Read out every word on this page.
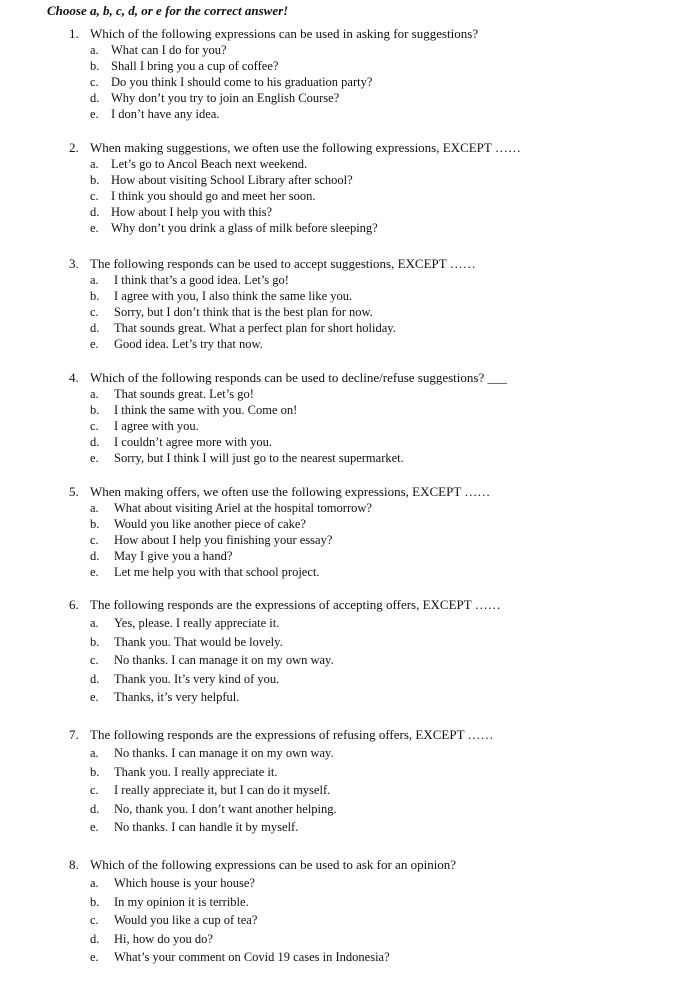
Choose a, b, c, d, or e for the correct answer!
1. Which of the following expressions can be used in asking for suggestions?
a. What can I do for you?
b. Shall I bring you a cup of coffee?
c. Do you think I should come to his graduation party?
d. Why don’t you try to join an English Course?
e. I don’t have any idea.
2. When making suggestions, we often use the following expressions, EXCEPT ……
a. Let’s go to Ancol Beach next weekend.
b. How about visiting School Library after school?
c. I think you should go and meet her soon.
d. How about I help you with this?
e. Why don’t you drink a glass of milk before sleeping?
3. The following responds can be used to accept suggestions, EXCEPT ……
a. I think that’s a good idea. Let’s go!
b. I agree with you, I also think the same like you.
c. Sorry, but I don’t think that is the best plan for now.
d. That sounds great. What a perfect plan for short holiday.
e. Good idea. Let’s try that now.
4. Which of the following responds can be used to decline/refuse suggestions? ___
a. That sounds great. Let’s go!
b. I think the same with you. Come on!
c. I agree with you.
d. I couldn’t agree more with you.
e. Sorry, but I think I will just go to the nearest supermarket.
5. When making offers, we often use the following expressions, EXCEPT ……
a. What about visiting Ariel at the hospital tomorrow?
b. Would you like another piece of cake?
c. How about I help you finishing your essay?
d. May I give you a hand?
e. Let me help you with that school project.
6. The following responds are the expressions of accepting offers, EXCEPT ……
a. Yes, please. I really appreciate it.
b. Thank you. That would be lovely.
c. No thanks. I can manage it on my own way.
d. Thank you. It’s very kind of you.
e. Thanks, it’s very helpful.
7. The following responds are the expressions of refusing offers, EXCEPT ……
a. No thanks. I can manage it on my own way.
b. Thank you. I really appreciate it.
c. I really appreciate it, but I can do it myself.
d. No, thank you. I don’t want another helping.
e. No thanks. I can handle it by myself.
8. Which of the following expressions can be used to ask for an opinion?
a. Which house is your house?
b. In my opinion it is terrible.
c. Would you like a cup of tea?
d. Hi, how do you do?
e. What’s your comment on Covid 19 cases in Indonesia?
